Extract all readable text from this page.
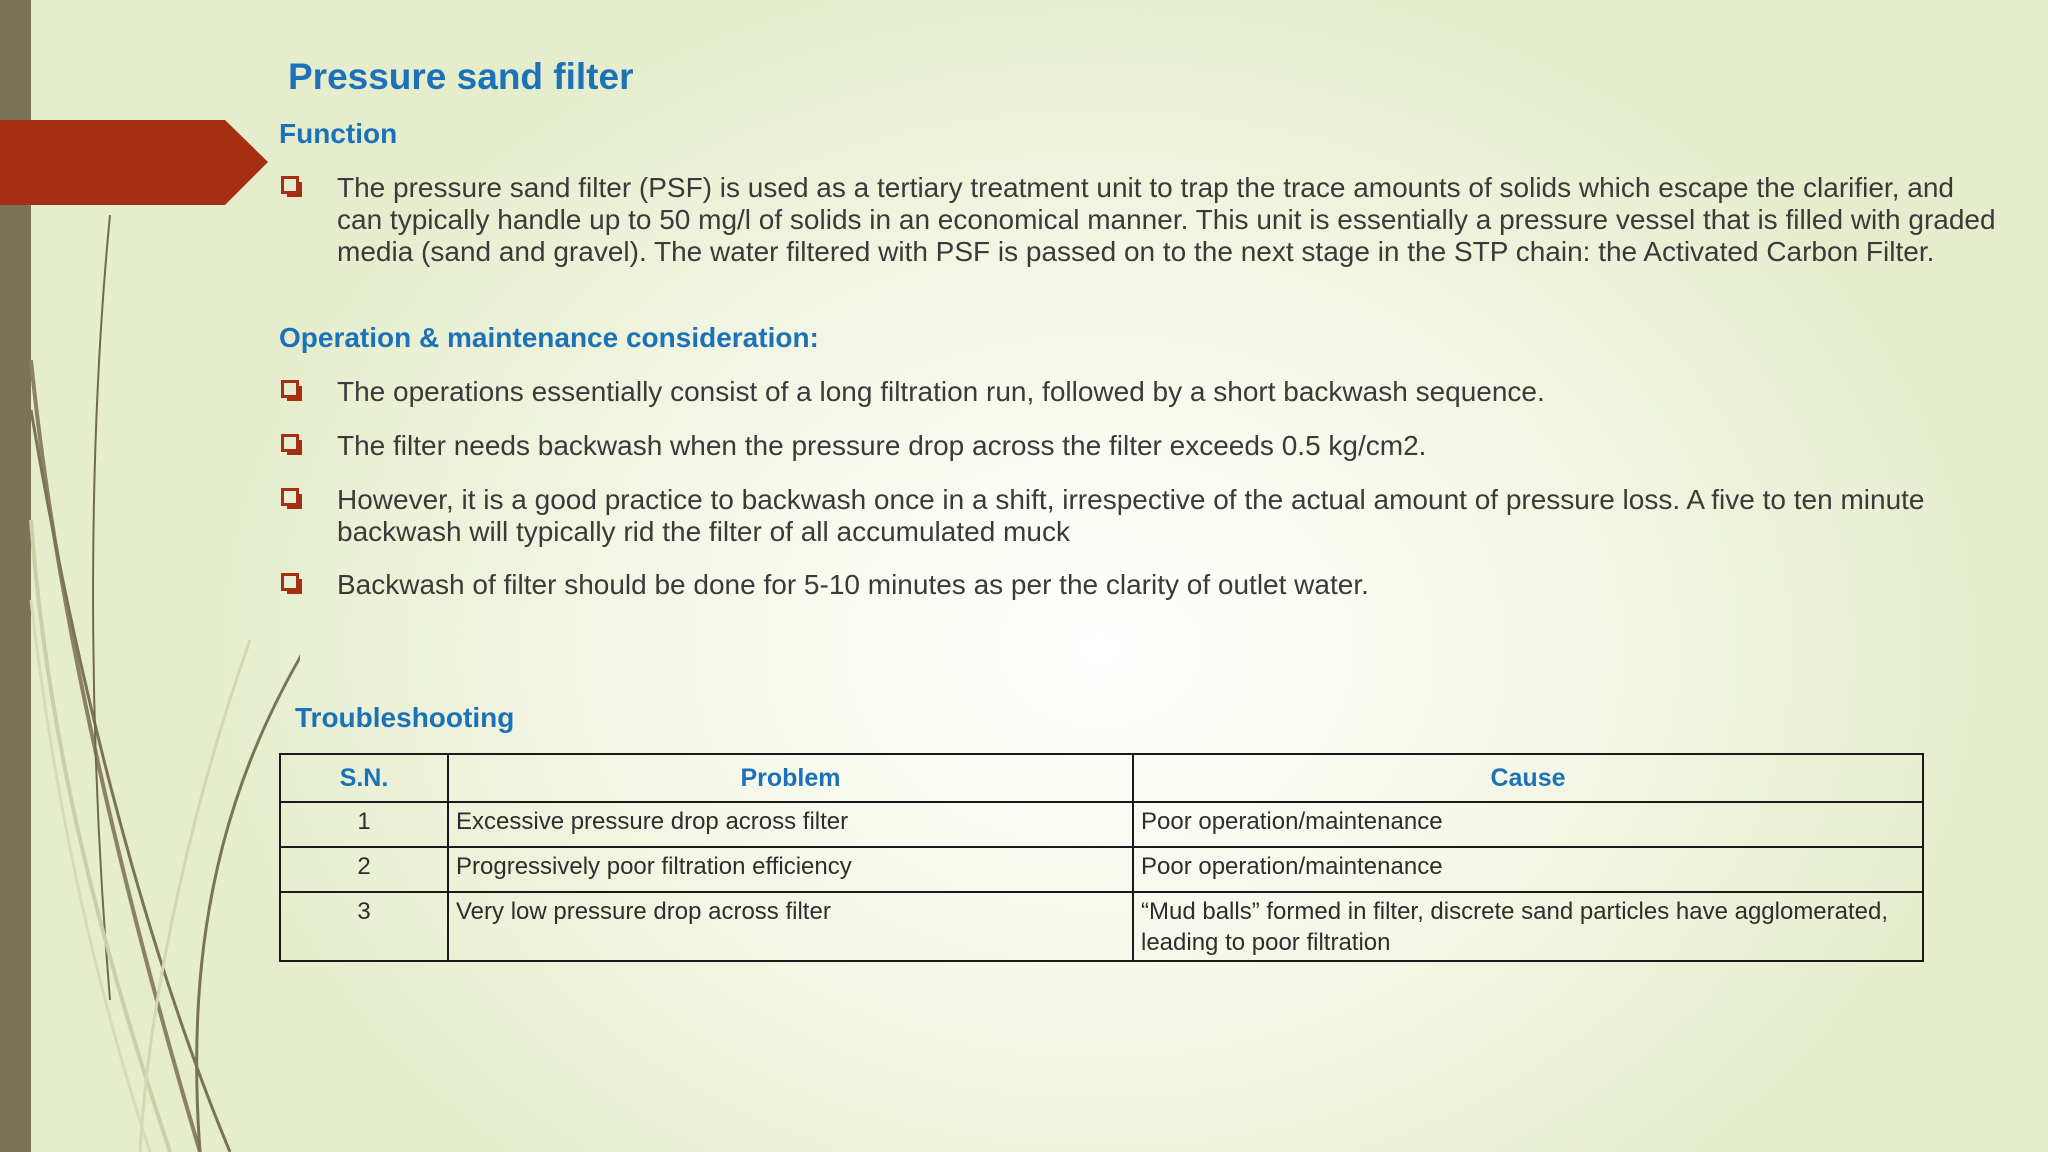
Pressure sand filter
Function
The pressure sand filter (PSF) is used as a tertiary treatment unit to trap the trace amounts of solids which escape the clarifier, and can typically handle up to 50 mg/l of solids in an economical manner. This unit is essentially a pressure vessel that is filled with graded media (sand and gravel). The water filtered with PSF is passed on to the next stage in the STP chain: the Activated Carbon Filter.
Operation & maintenance consideration:
The operations essentially consist of a long filtration run, followed by a short backwash sequence.
The filter needs backwash when the pressure drop across the filter exceeds 0.5 kg/cm2.
However, it is a good practice to backwash once in a shift, irrespective of the actual amount of pressure loss. A five to ten minute backwash will typically rid the filter of all accumulated muck
Backwash of filter should be done for 5-10 minutes as per the clarity of outlet water.
Troubleshooting
S.N.	Problem	Cause
1	Excessive pressure drop across filter	Poor operation/maintenance
2	Progressively poor filtration efficiency	Poor operation/maintenance
3	Very low pressure drop across filter	“Mud balls” formed in filter, discrete sand particles have agglomerated, leading to poor filtration
